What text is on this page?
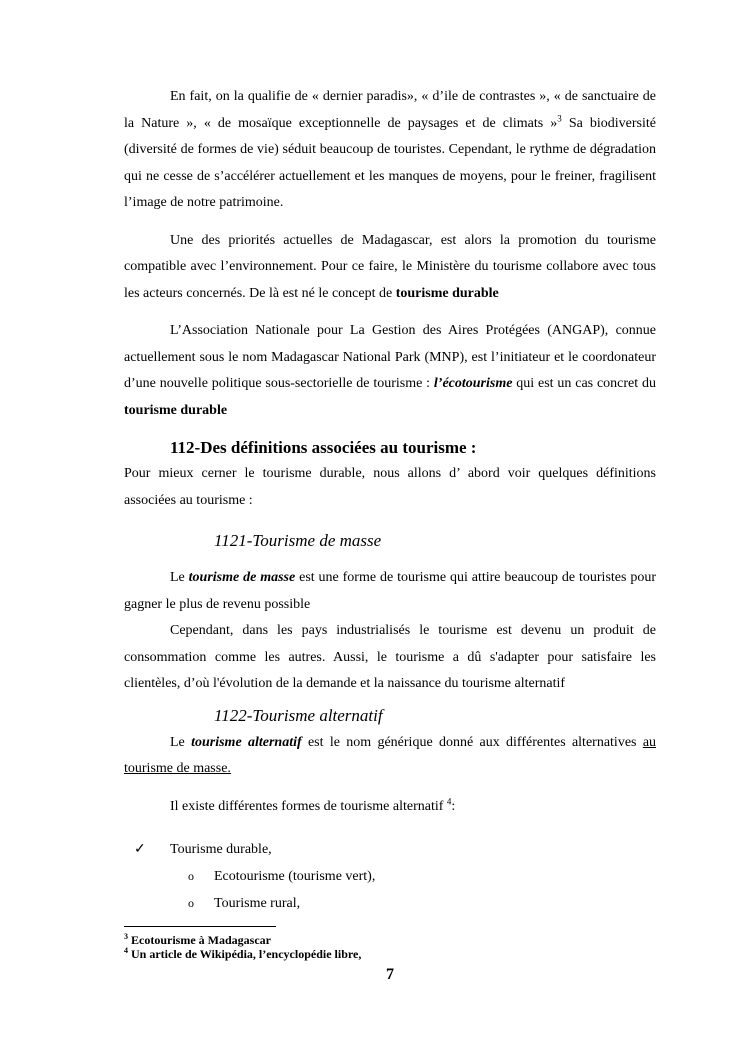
En fait, on la qualifie de « dernier paradis», « d’ile de contrastes », « de sanctuaire de la Nature », « de mosaïque exceptionnelle de paysages et de climats »$^3$ Sa biodiversité (diversité de formes de vie) séduit beaucoup de touristes. Cependant, le rythme de dégradation qui ne cesse de s’accélérer actuellement et les manques de moyens, pour le freiner, fragilisent l’image de notre patrimoine.

Une des priorités actuelles de Madagascar, est alors la promotion du tourisme compatible avec l’environnement. Pour ce faire, le Ministère du tourisme collabore avec tous les acteurs concernés. De là est né le concept de tourisme durable

L’Association Nationale pour La Gestion des Aires Protégées (ANGAP), connue actuellement sous le nom Madagascar National Park (MNP), est l’initiateur et le coordonateur d’une nouvelle politique sous-sectorielle de tourisme : l’écotourisme qui est un cas concret du tourisme durable

112-Des définitions associées au tourisme :

Pour mieux cerner le tourisme durable, nous allons d’ abord voir quelques définitions associées au tourisme :

1121-Tourisme de masse

Le tourisme de masse est une forme de tourisme qui attire beaucoup de touristes pour gagner le plus de revenu possible

Cependant, dans les pays industrialisés le tourisme est devenu un produit de consommation comme les autres. Aussi, le tourisme a dû s'adapter pour satisfaire les clientèles, d’où l'évolution de la demande et la naissance du tourisme alternatif

1122-Tourisme alternatif

Le tourisme alternatif est le nom générique donné aux différentes alternatives au tourisme de masse.

Il existe différentes formes de tourisme alternatif $^4$:

✓ Tourisme durable,
o Ecotourisme (tourisme vert),
o Tourisme rural,
$^3$ Ecotourisme à Madagascar
$^4$ Un article de Wikipédia, l’encyclopédie libre,
7
